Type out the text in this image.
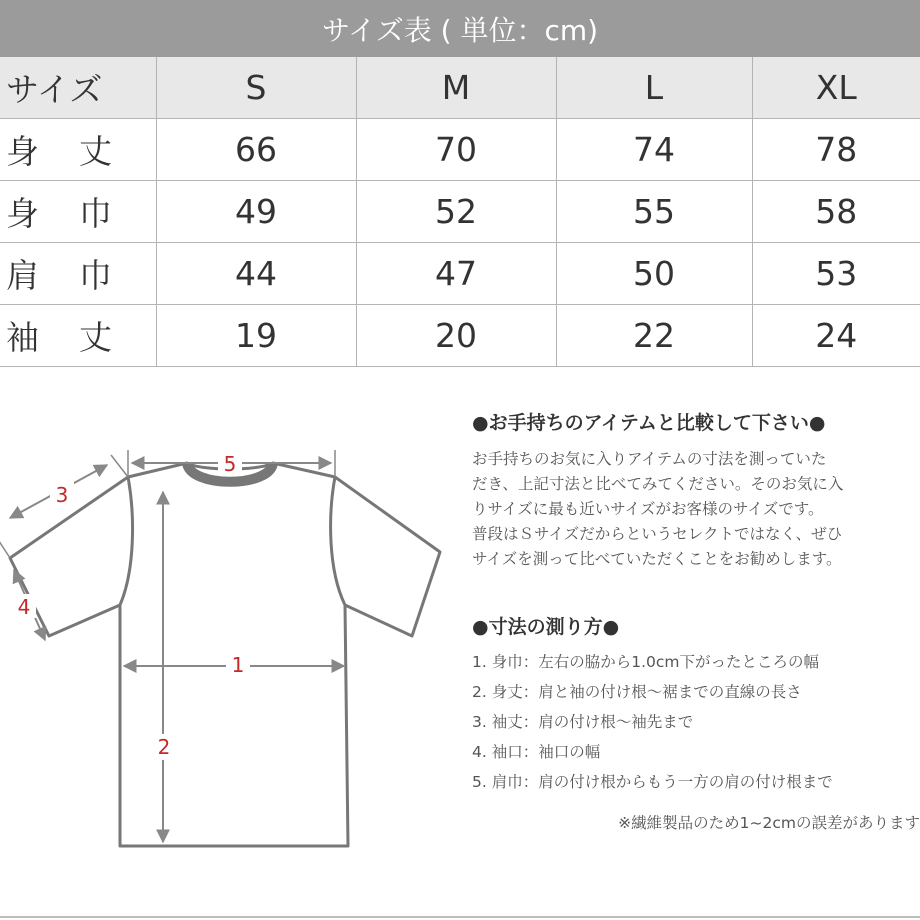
サイズ表 ( 単位：cm)
サイズ	S	M	L	XL
身丈	66	70	74	78
身巾	49	52	55	58
肩巾	44	47	50	53
袖丈	19	20	22	24
5
3
4
1
2

●お手持ちのアイテムと比較して下さい●

お手持ちのお気に入りアイテムの寸法を測っていた
だき、上記寸法と比べてみてください。そのお気に入
りサイズに最も近いサイズがお客様のサイズです。
普段はＳサイズだからというセレクトではなく、ぜひ
サイズを測って比べていただくことをお勧めします。

●寸法の測り方●

1. 身巾：左右の脇から1.0cm下がったところの幅
2. 身丈：肩と袖の付け根～裾までの直線の長さ
3. 袖丈：肩の付け根～袖先まで
4. 袖口：袖口の幅
5. 肩巾：肩の付け根からもう一方の肩の付け根まで
※繊維製品のため1~2cmの誤差があります
